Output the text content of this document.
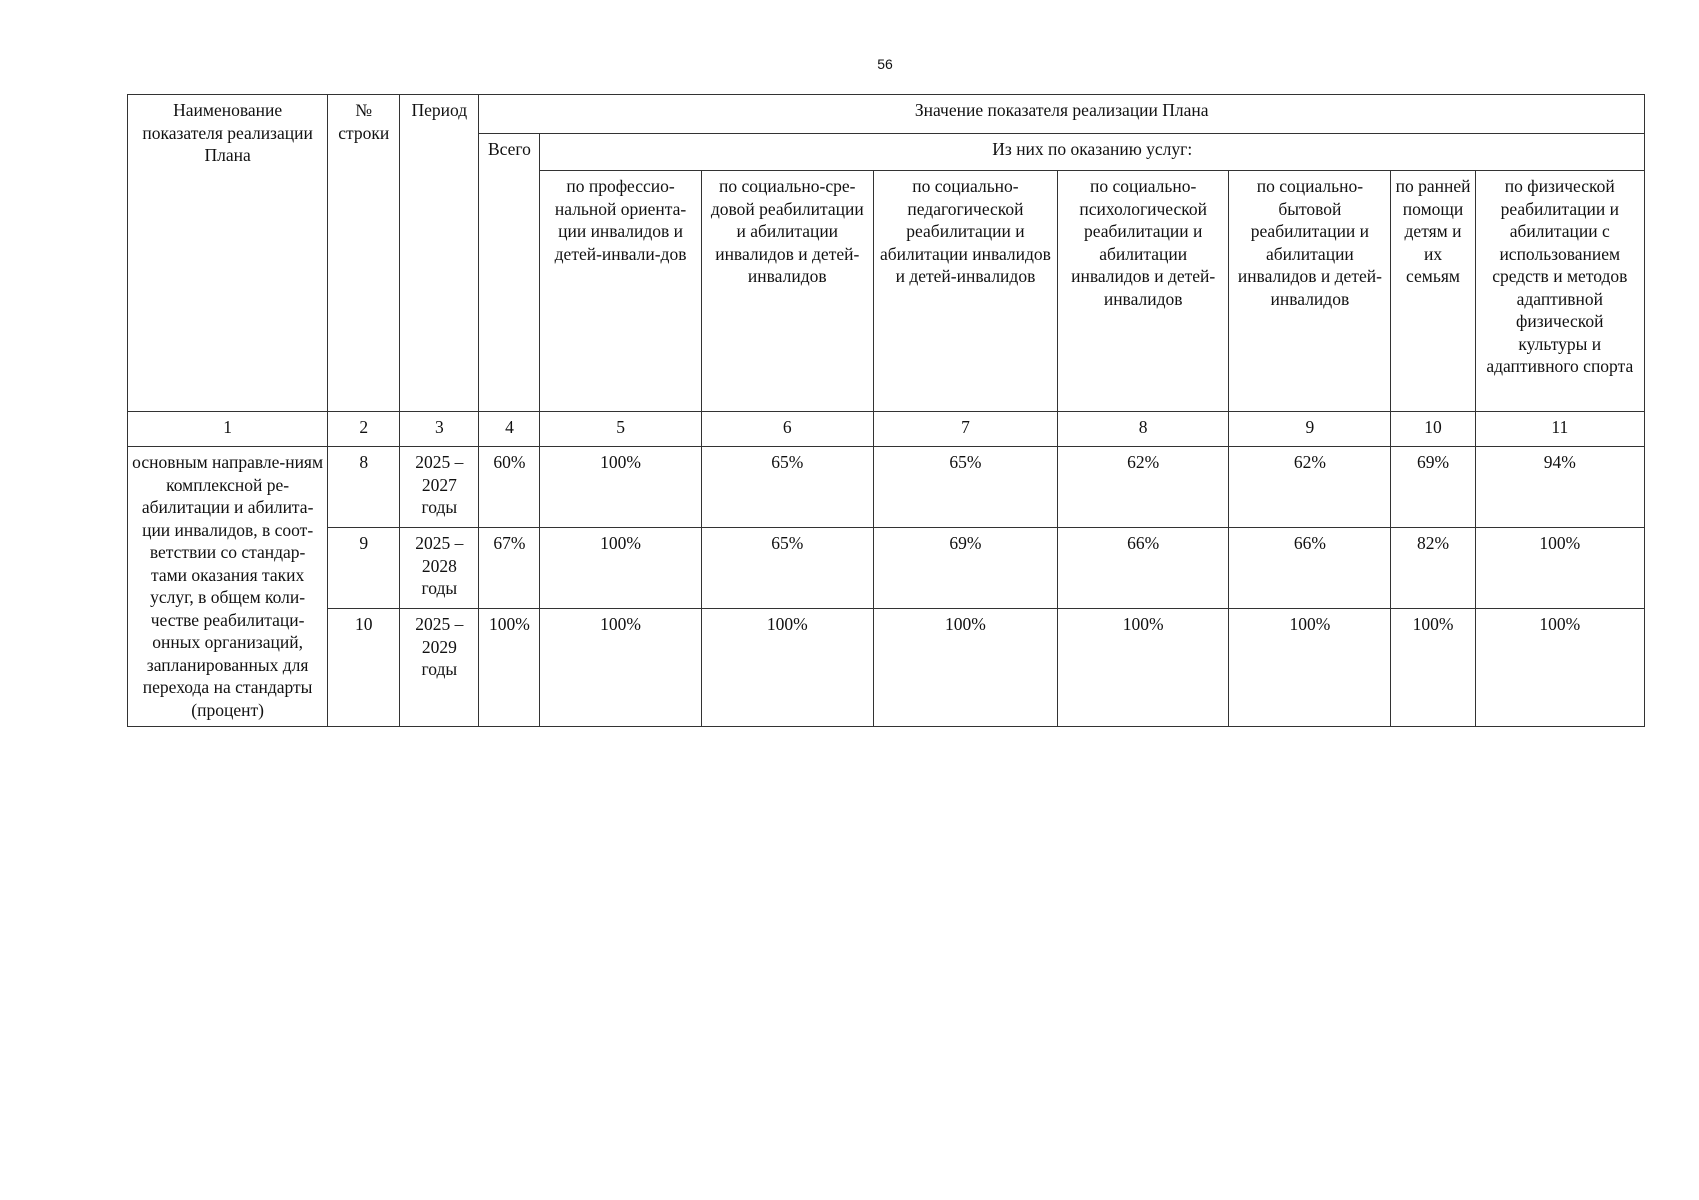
56
Наименование показателя реализации Плана	№ строки	Период	Значение показателя реализации Плана							
			Всего	Из них по оказанию услуг:						
				по профессио-нальной ориента-ции инвалидов и детей-инвали-дов	по социально-сре-довой реабилитации и абилитации инвалидов и детей-инвалидов	по социально-педагогической реабилитации и абилитации инвалидов и детей-инвалидов	по социально-психологической реабилитации и абилитации инвалидов и детей-инвалидов	по социально-бытовой реабилитации и абилитации инвалидов и детей-инвалидов	по ранней помощи детям и их семьям	по физической реабилитации и абилитации с использованием средств и методов адаптивной физической культуры и адаптивного спорта
1	2	3	4	5	6	7	8	9	10	11
основным направле-ниям комплексной ре-абилитации и абилита-ции инвалидов, в соот-ветствии со стандар-тами оказания таких услуг, в общем коли-честве реабилитаци-онных организаций, запланированных для перехода на стандарты (процент)	8	2025 – 2027 годы	60%	100%	65%	65%	62%	62%	69%	94%
	9	2025 – 2028 годы	67%	100%	65%	69%	66%	66%	82%	100%
	10	2025 – 2029 годы	100%	100%	100%	100%	100%	100%	100%	100%
